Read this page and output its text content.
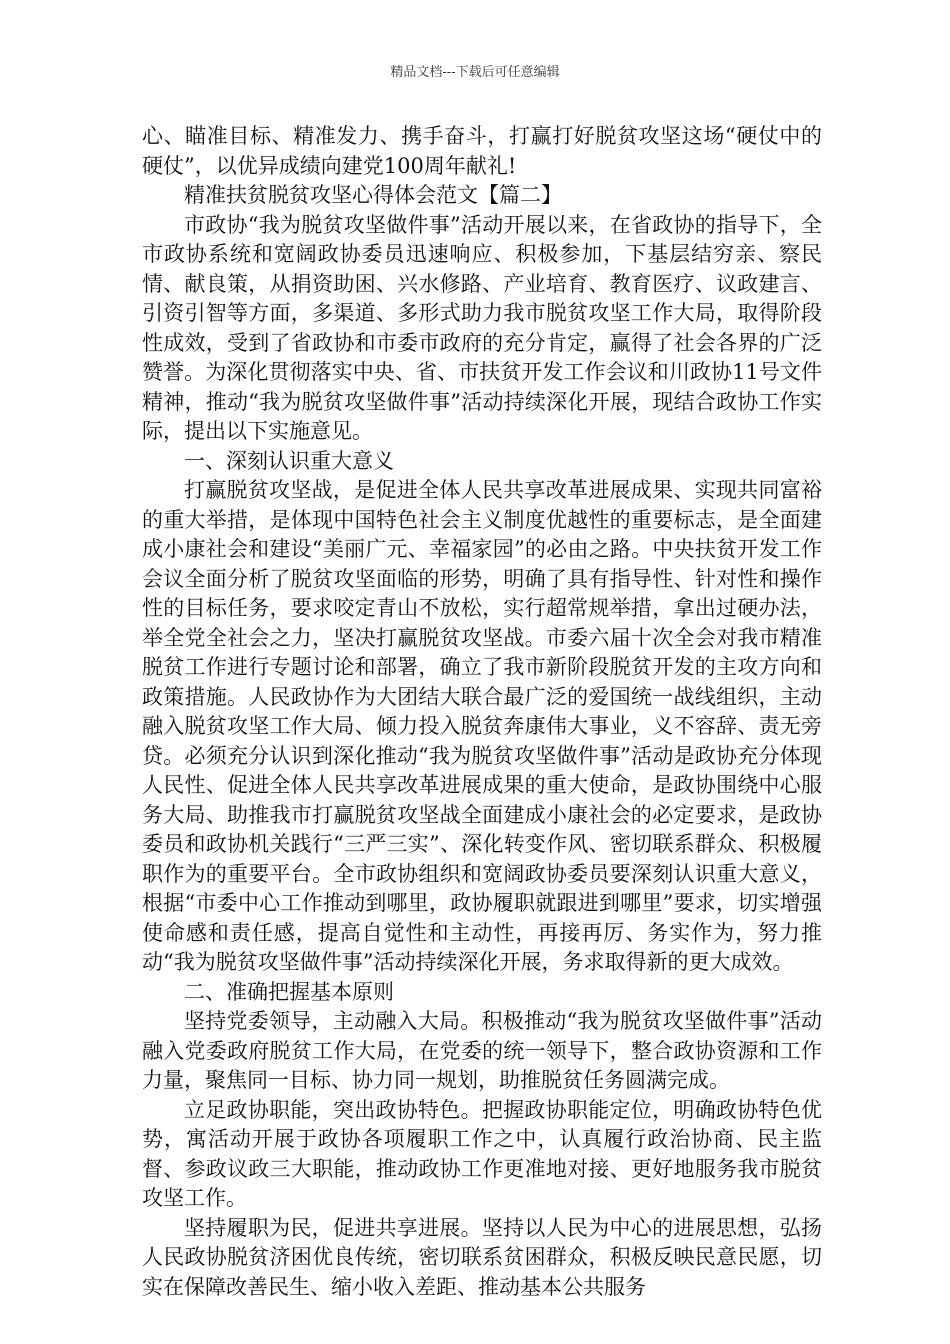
精品文档---下载后可任意编辑

心、瞄准目标、精准发力、携手奋斗，打赢打好脱贫攻坚这场“硬仗中的硬仗”，以优异成绩向建党100周年献礼!

精准扶贫脱贫攻坚心得体会范文【篇二】

市政协“我为脱贫攻坚做件事”活动开展以来，在省政协的指导下，全市政协系统和宽阔政协委员迅速响应、积极参加，下基层结穷亲、察民情、献良策，从捐资助困、兴水修路、产业培育、教育医疗、议政建言、引资引智等方面，多渠道、多形式助力我市脱贫攻坚工作大局，取得阶段性成效，受到了省政协和市委市政府的充分肯定，赢得了社会各界的广泛赞誉。为深化贯彻落实中央、省、市扶贫开发工作会议和川政协11号文件精神，推动“我为脱贫攻坚做件事”活动持续深化开展，现结合政协工作实际，提出以下实施意见。

一、深刻认识重大意义

打赢脱贫攻坚战，是促进全体人民共享改革进展成果、实现共同富裕的重大举措，是体现中国特色社会主义制度优越性的重要标志，是全面建成小康社会和建设“美丽广元、幸福家园”的必由之路。中央扶贫开发工作会议全面分析了脱贫攻坚面临的形势，明确了具有指导性、针对性和操作性的目标任务，要求咬定青山不放松，实行超常规举措，拿出过硬办法，举全党全社会之力，坚决打赢脱贫攻坚战。市委六届十次全会对我市精准脱贫工作进行专题讨论和部署，确立了我市新阶段脱贫开发的主攻方向和政策措施。人民政协作为大团结大联合最广泛的爱国统一战线组织，主动融入脱贫攻坚工作大局、倾力投入脱贫奔康伟大事业，义不容辞、责无旁贷。必须充分认识到深化推动“我为脱贫攻坚做件事”活动是政协充分体现人民性、促进全体人民共享改革进展成果的重大使命，是政协围绕中心服务大局、助推我市打赢脱贫攻坚战全面建成小康社会的必定要求，是政协委员和政协机关践行“三严三实”、深化转变作风、密切联系群众、积极履职作为的重要平台。全市政协组织和宽阔政协委员要深刻认识重大意义，根据“市委中心工作推动到哪里，政协履职就跟进到哪里”要求，切实增强使命感和责任感，提高自觉性和主动性，再接再厉、务实作为，努力推动“我为脱贫攻坚做件事”活动持续深化开展，务求取得新的更大成效。

二、准确把握基本原则

坚持党委领导，主动融入大局。积极推动“我为脱贫攻坚做件事”活动融入党委政府脱贫工作大局，在党委的统一领导下，整合政协资源和工作力量，聚焦同一目标、协力同一规划，助推脱贫任务圆满完成。

立足政协职能，突出政协特色。把握政协职能定位，明确政协特色优势，寓活动开展于政协各项履职工作之中，认真履行政治协商、民主监督、参政议政三大职能，推动政协工作更准地对接、更好地服务我市脱贫攻坚工作。

坚持履职为民，促进共享进展。坚持以人民为中心的进展思想，弘扬人民政协脱贫济困优良传统，密切联系贫困群众，积极反映民意民愿，切实在保障改善民生、缩小收入差距、推动基本公共服务
